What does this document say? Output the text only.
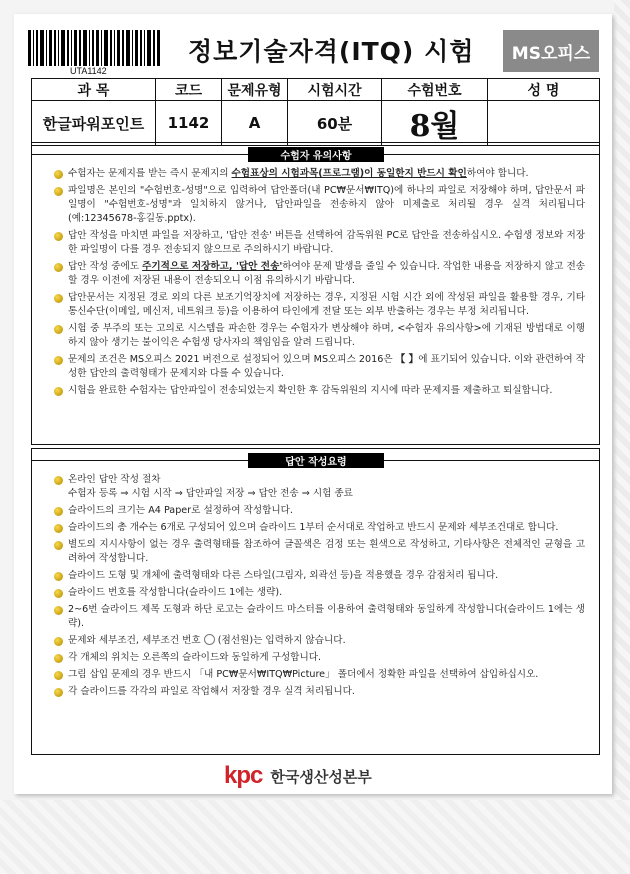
UTA1142
정보기술자격(ITQ) 시험	MS오피스
과 목	코드	문제유형	시험시간	수험번호	성 명
한글파워포인트	1142	A	60분	8월	
수험자 유의사항
수험자는 문제지를 받는 즉시 문제지의 수험표상의 시험과목(프로그램)이 동일한지 반드시 확인하여야 합니다.
파일명은 본인의 "수험번호-성명"으로 입력하여 답안폴더(내 PC₩문서₩ITQ)에 하나의 파일로 저장해야 하며, 답안문서 파일명이 "수험번호-성명"과 일치하지 않거나, 답안파일을 전송하지 않아 미제출로 처리될 경우 실격 처리됩니다(예:12345678-홍길동.pptx).
답안 작성을 마치면 파일을 저장하고, '답안 전송' 버튼을 선택하여 감독위원 PC로 답안을 전송하십시오. 수험생 정보와 저장한 파일명이 다를 경우 전송되지 않으므로 주의하시기 바랍니다.
답안 작성 중에도 주기적으로 저장하고, '답안 전송'하여야 문제 발생을 줄일 수 있습니다. 작업한 내용을 저장하지 않고 전송할 경우 이전에 저장된 내용이 전송되오니 이점 유의하시기 바랍니다.
답안문서는 지정된 경로 외의 다른 보조기억장치에 저장하는 경우, 지정된 시험 시간 외에 작성된 파일을 활용할 경우, 기타 통신수단(이메일, 메신저, 네트워크 등)을 이용하여 타인에게 전달 또는 외부 반출하는 경우는 부정 처리됩니다.
시험 중 부주의 또는 고의로 시스템을 파손한 경우는 수험자가 변상해야 하며, <수험자 유의사항>에 기재된 방법대로 이행하지 않아 생기는 불이익은 수험생 당사자의 책임임을 알려 드립니다.
문제의 조건은 MS오피스 2021 버전으로 설정되어 있으며 MS오피스 2016은 【 】에 표기되어 있습니다. 이와 관련하여 작성한 답안의 출력형태가 문제지와 다를 수 있습니다.
시험을 완료한 수험자는 답안파일이 전송되었는지 확인한 후 감독위원의 지시에 따라 문제지를 제출하고 퇴실합니다.
답안 작성요령
온라인 답안 작성 절차
수험자 등록 ⇒ 시험 시작 ⇒ 답안파일 저장 ⇒ 답안 전송 ⇒ 시험 종료
슬라이드의 크기는 A4 Paper로 설정하여 작성합니다.
슬라이드의 총 개수는 6개로 구성되어 있으며 슬라이드 1부터 순서대로 작업하고 반드시 문제와 세부조건대로 합니다.
별도의 지시사항이 없는 경우 출력형태를 참조하여 글꼴색은 검정 또는 흰색으로 작성하고, 기타사항은 전체적인 균형을 고려하여 작성합니다.
슬라이드 도형 및 개체에 출력형태와 다른 스타일(그림자, 외곽선 등)을 적용했을 경우 감점처리 됩니다.
슬라이드 번호를 작성합니다(슬라이드 1에는 생략).
2~6번 슬라이드 제목 도형과 하단 로고는 슬라이드 마스터를 이용하여 출력형태와 동일하게 작성합니다(슬라이드 1에는 생략).
문제와 세부조건, 세부조건 번호  (점선원)는 입력하지 않습니다.
각 개체의 위치는 오른쪽의 슬라이드와 동일하게 구성합니다.
그림 삽입 문제의 경우 반드시 「내 PC₩문서₩ITQ₩Picture」 폴더에서 정확한 파일을 선택하여 삽입하십시오.
각 슬라이드를 각각의 파일로 작업해서 저장할 경우 실격 처리됩니다.
kpc 한국생산성본부
